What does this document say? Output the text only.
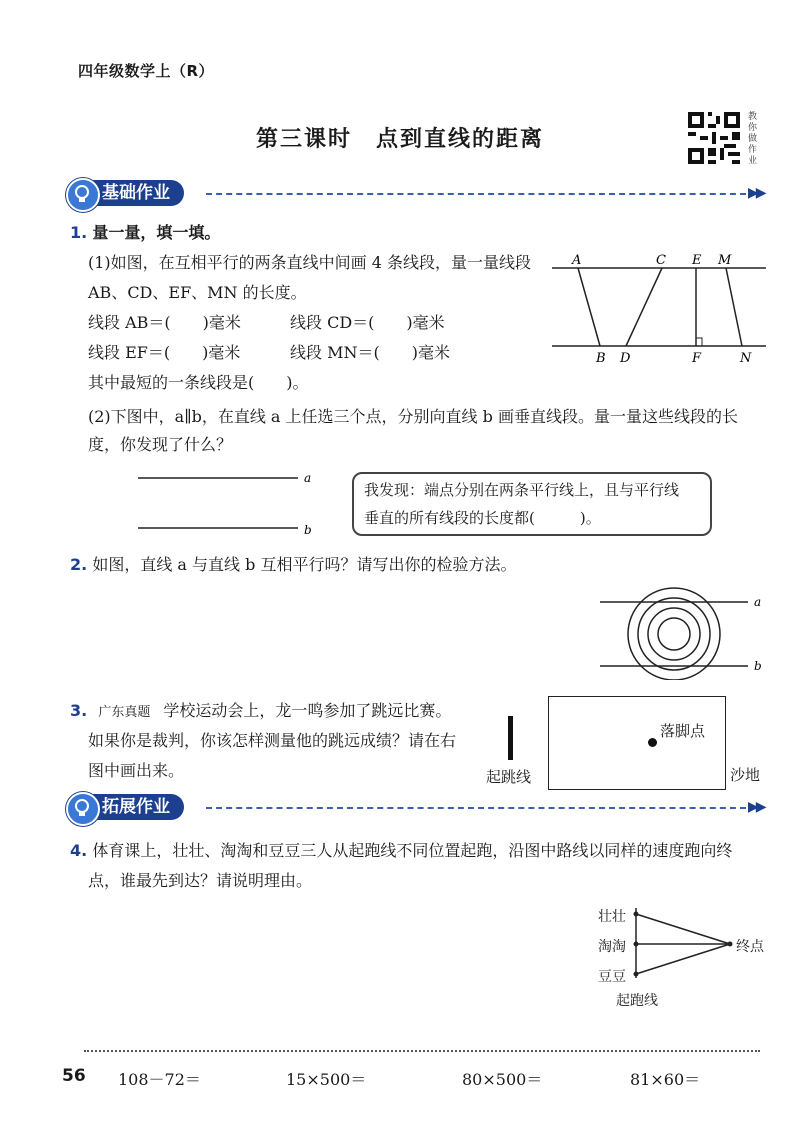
四年级数学上（R）
第三课时　点到直线的距离
教你做作业
基础作业	▶▶
1. 量一量，填一填。
(1)如图，在互相平行的两条直线中间画 4 条线段，量一量线段
AB、CD、EF、MN 的长度。
线段 AB＝(　　)毫米	线段 CD＝(　　)毫米
线段 EF＝(　　)毫米	线段 MN＝(　　)毫米
其中最短的一条线段是(　　)。
A	C E M
B D	F	N
(2)下图中，a∥b，在直线 a 上任选三个点，分别向直线 b 画垂直线段。量一量这些线段的长
度，你发现了什么？
a
b
我发现：端点分别在两条平行线上，且与平行线
垂直的所有线段的长度都(　　　)。
2. 如图，直线 a 与直线 b 互相平行吗？请写出你的检验方法。
a
b
3. 广东真题 学校运动会上，龙一鸣参加了跳远比赛。
如果你是裁判，你该怎样测量他的跳远成绩？请在右
图中画出来。	起跳线
落脚点
沙地
拓展作业	▶▶
4. 体育课上，壮壮、淘淘和豆豆三人从起跑线不同位置起跑，沿图中路线以同样的速度跑向终
点，谁最先到达？请说明理由。
壮壮
淘淘
豆豆
终点
起跑线
56 108－72＝	15×500＝	80×500＝	81×60＝
